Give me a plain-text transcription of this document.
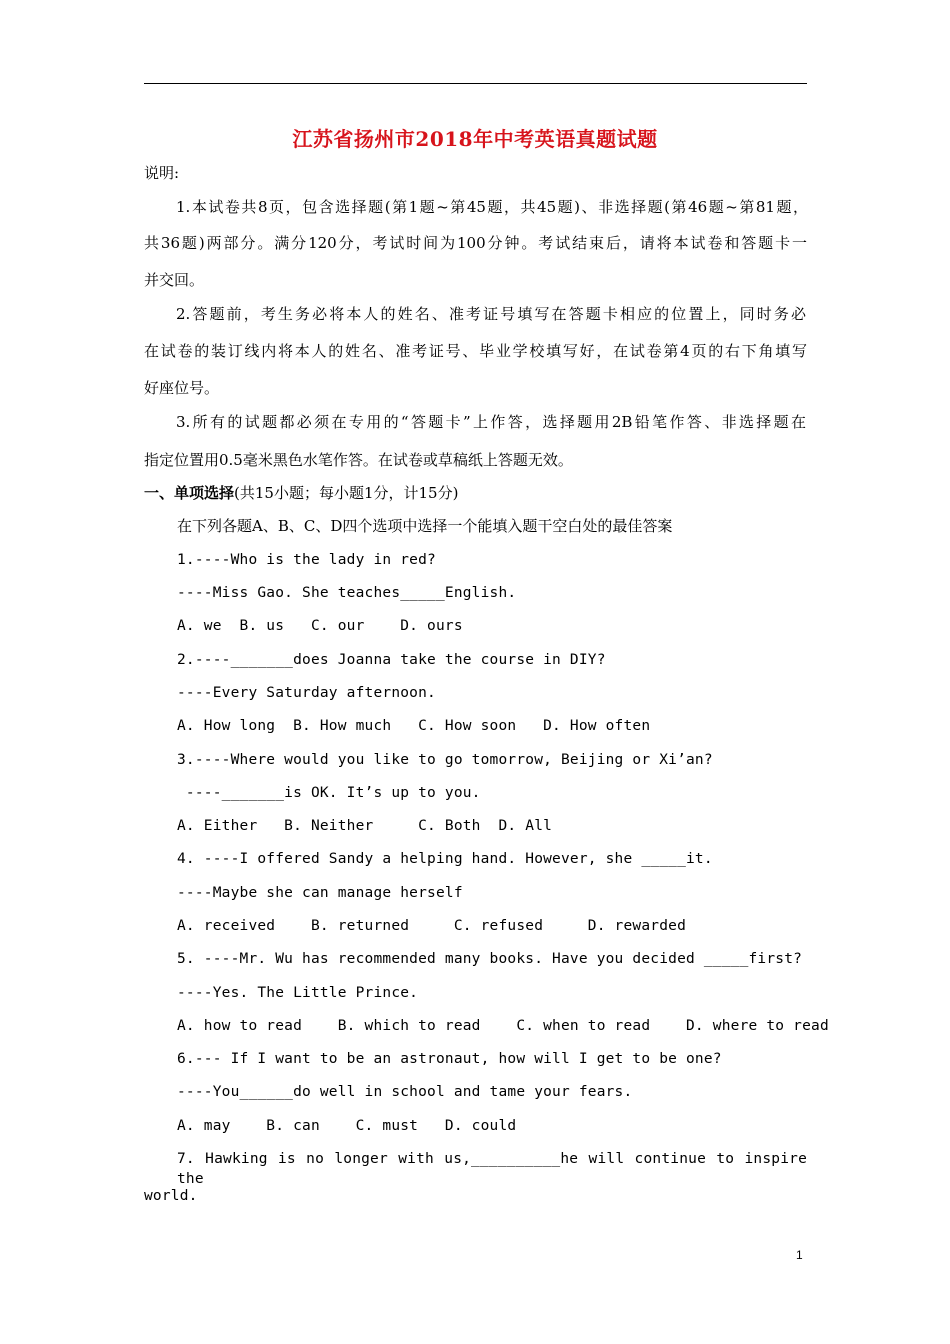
江苏省扬州市2018年中考英语真题试题
说明:
1.本试卷共8页，包含选择题(第1题~第45题，共45题)、非选择题(第46题~第81题，
共36题)两部分。满分120分，考试时间为100分钟。考试结束后，请将本试卷和答题卡一
并交回。
2.答题前，考生务必将本人的姓名、准考证号填写在答题卡相应的位置上，同时务必
在试卷的装订线内将本人的姓名、准考证号、毕业学校填写好，在试卷第4页的右下角填写
好座位号。
3.所有的试题都必须在专用的“答题卡”上作答，选择题用2B铅笔作答、非选择题在
指定位置用0.5毫米黑色水笔作答。在试卷或草稿纸上答题无效。
一、单项选择(共15小题；每小题1分，计15分)
在下列各题A、B、C、D四个选项中选择一个能填入题干空白处的最佳答案
1.----Who is the lady in red?
----Miss Gao. She teaches_____English.
A. we  B. us   C. our    D. ours
2.----_______does Joanna take the course in DIY?
----Every Saturday afternoon.
A. How long  B. How much   C. How soon   D. How often
3.----Where would you like to go tomorrow, Beijing or Xi’an?
----_______is OK. It’s up to you.
A. Either   B. Neither     C. Both  D. All
4. ----I offered Sandy a helping hand. However, she _____it.
----Maybe she can manage herself
A. received    B. returned     C. refused     D. rewarded
5. ----Mr. Wu has recommended many books. Have you decided _____first?
----Yes. The Little Prince.
A. how to read    B. which to read    C. when to read    D. where to read
6.--- If I want to be an astronaut, how will I get to be one?
----You______do well in school and tame your fears.
A. may    B. can    C. must   D. could
7. Hawking is no longer with us,__________he will continue to inspire the
world.
1
